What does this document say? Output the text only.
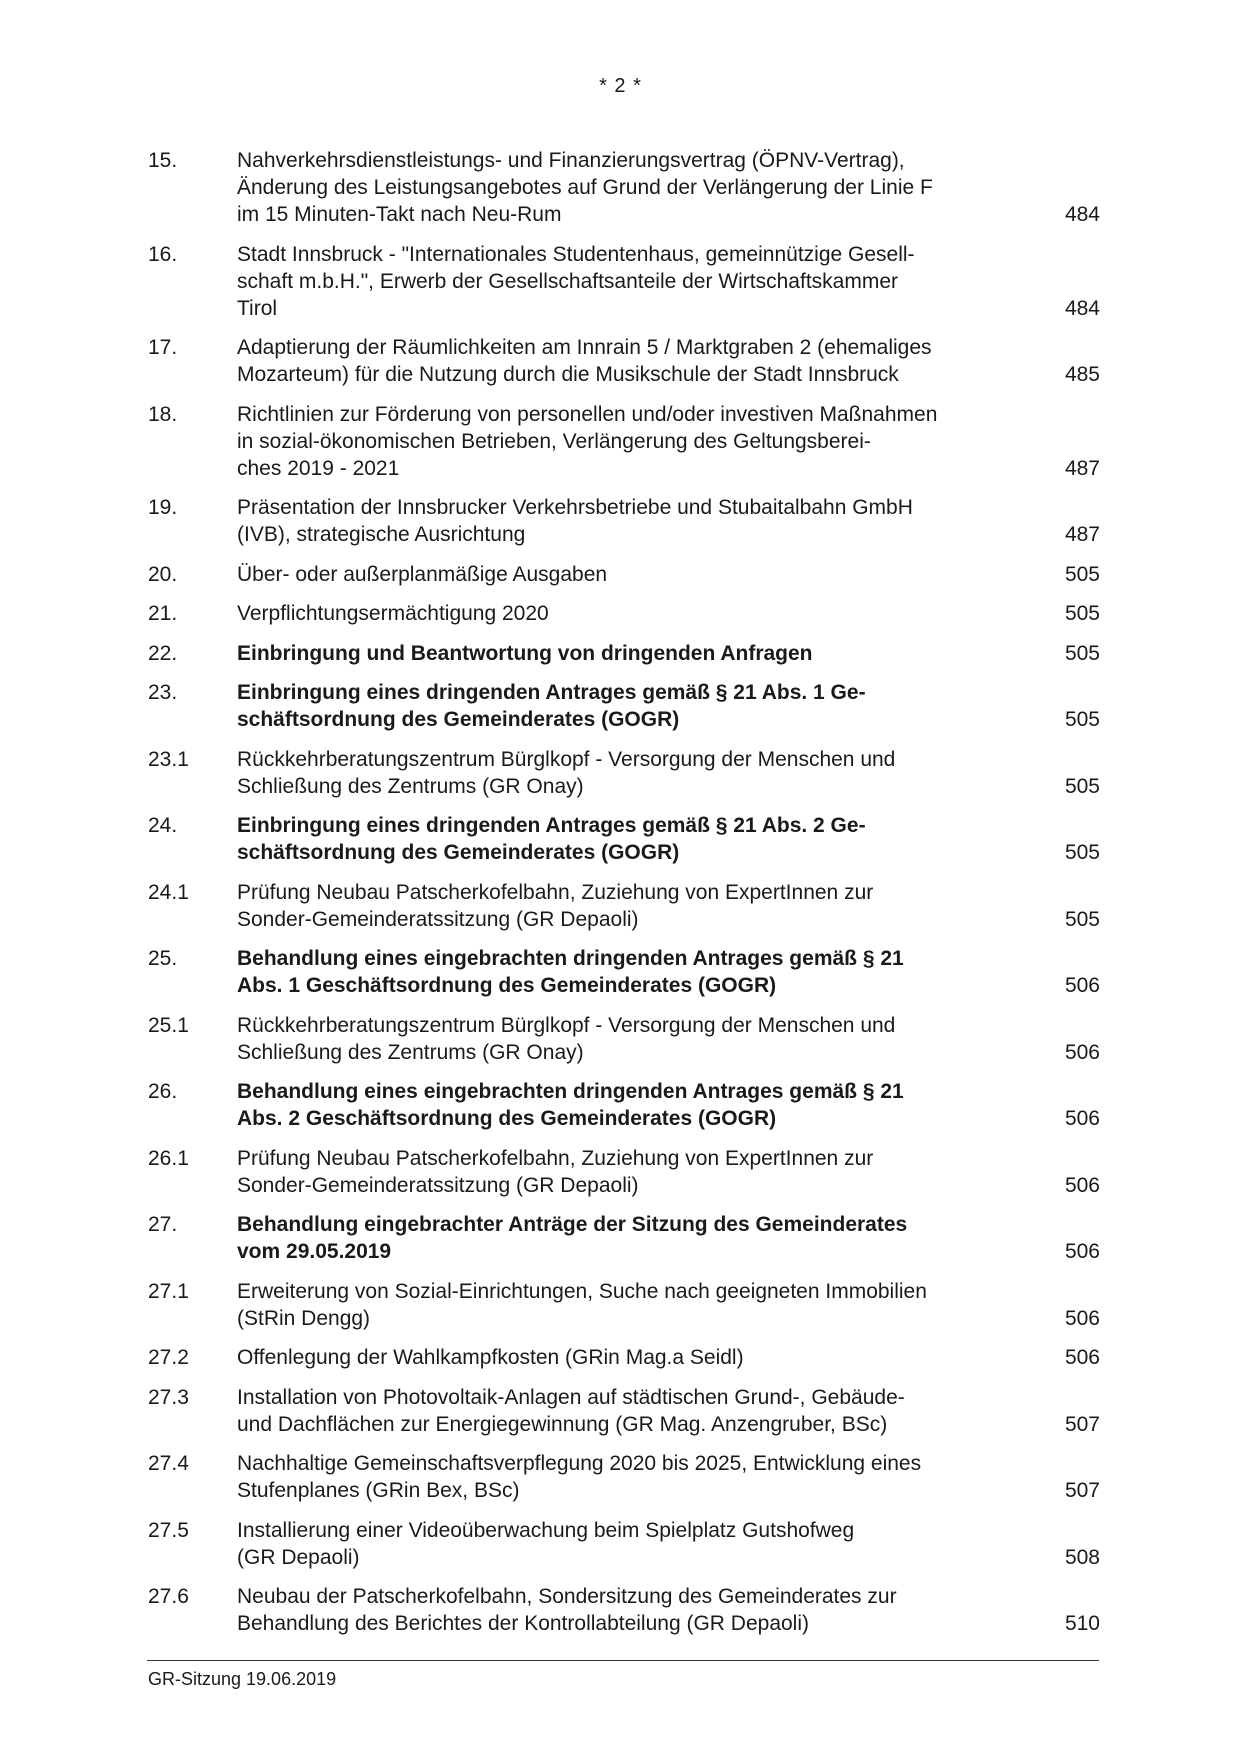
* 2 *
15.	Nahverkehrsdienstleistungs- und Finanzierungsvertrag (ÖPNV-Vertrag),
Änderung des Leistungsangebotes auf Grund der Verlängerung der Linie F
im 15 Minuten-Takt nach Neu-Rum	484
16.	Stadt Innsbruck - "Internationales Studentenhaus, gemeinnützige Gesell-
schaft m.b.H.", Erwerb der Gesellschaftsanteile der Wirtschaftskammer
Tirol	484
17.	Adaptierung der Räumlichkeiten am Innrain 5 / Marktgraben 2 (ehemaliges
Mozarteum) für die Nutzung durch die Musikschule der Stadt Innsbruck	485
18.	Richtlinien zur Förderung von personellen und/oder investiven Maßnahmen
in sozial-ökonomischen Betrieben, Verlängerung des Geltungsberei-
ches 2019 - 2021	487
19.	Präsentation der Innsbrucker Verkehrsbetriebe und Stubaitalbahn GmbH
(IVB), strategische Ausrichtung	487
20.	Über- oder außerplanmäßige Ausgaben	505
21.	Verpflichtungsermächtigung 2020	505
22.	Einbringung und Beantwortung von dringenden Anfragen	505
23.	Einbringung eines dringenden Antrages gemäß § 21 Abs. 1 Ge-
schäftsordnung des Gemeinderates (GOGR)	505
23.1	Rückkehrberatungszentrum Bürglkopf - Versorgung der Menschen und
Schließung des Zentrums (GR Onay)	505
24.	Einbringung eines dringenden Antrages gemäß § 21 Abs. 2 Ge-
schäftsordnung des Gemeinderates (GOGR)	505
24.1	Prüfung Neubau Patscherkofelbahn, Zuziehung von ExpertInnen zur
Sonder-Gemeinderatssitzung (GR Depaoli)	505
25.	Behandlung eines eingebrachten dringenden Antrages gemäß § 21
Abs. 1 Geschäftsordnung des Gemeinderates (GOGR)	506
25.1	Rückkehrberatungszentrum Bürglkopf - Versorgung der Menschen und
Schließung des Zentrums (GR Onay)	506
26.	Behandlung eines eingebrachten dringenden Antrages gemäß § 21
Abs. 2 Geschäftsordnung des Gemeinderates (GOGR)	506
26.1	Prüfung Neubau Patscherkofelbahn, Zuziehung von ExpertInnen zur
Sonder-Gemeinderatssitzung (GR Depaoli)	506
27.	Behandlung eingebrachter Anträge der Sitzung des Gemeinderates
vom 29.05.2019	506
27.1	Erweiterung von Sozial-Einrichtungen, Suche nach geeigneten Immobilien
(StRin Dengg)	506
27.2	Offenlegung der Wahlkampfkosten (GRin Mag.a Seidl)	506
27.3	Installation von Photovoltaik-Anlagen auf städtischen Grund-, Gebäude-
und Dachflächen zur Energiegewinnung (GR Mag. Anzengruber, BSc)	507
27.4	Nachhaltige Gemeinschaftsverpflegung 2020 bis 2025, Entwicklung eines
Stufenplanes (GRin Bex, BSc)	507
27.5	Installierung einer Videoüberwachung beim Spielplatz Gutshofweg
(GR Depaoli)	508
27.6	Neubau der Patscherkofelbahn, Sondersitzung des Gemeinderates zur
Behandlung des Berichtes der Kontrollabteilung (GR Depaoli)	510
GR-Sitzung 19.06.2019
